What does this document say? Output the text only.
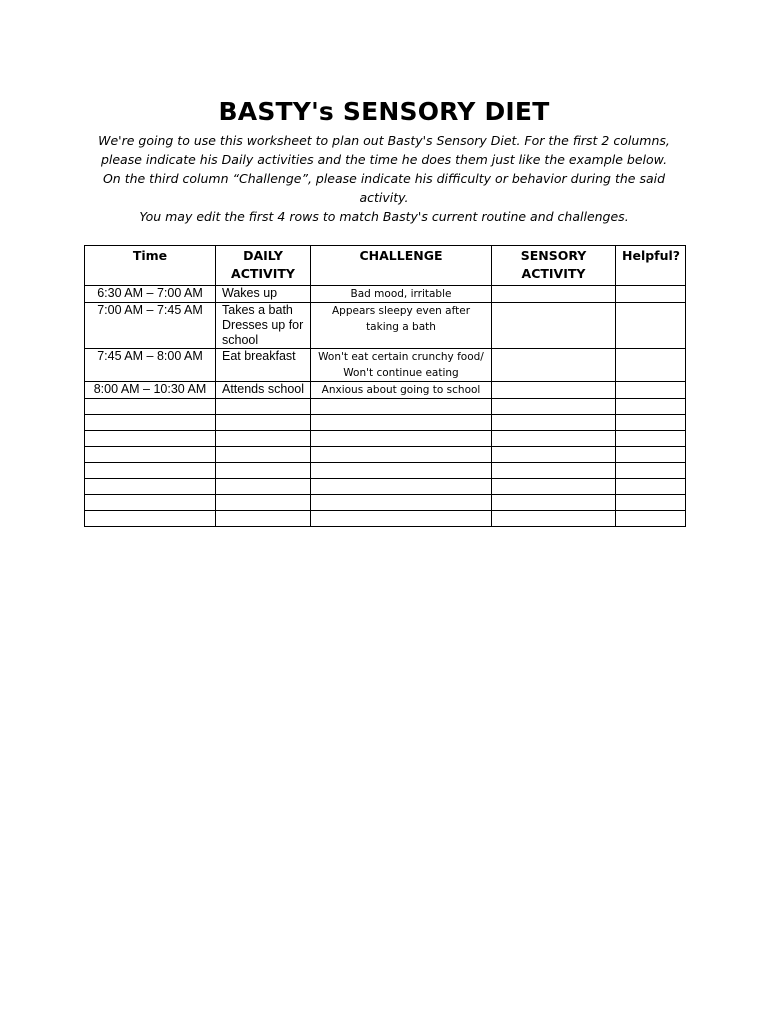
BASTY's SENSORY DIET
We're going to use this worksheet to plan out Basty's Sensory Diet. For the first 2 columns,
please indicate his Daily activities and the time he does them just like the example below.
On the third column “Challenge”, please indicate his difficulty or behavior during the said
activity.
You may edit the first 4 rows to match Basty's current routine and challenges.
Time	DAILY ACTIVITY	CHALLENGE	SENSORY ACTIVITY	Helpful?
6:30 AM – 7:00 AM	Wakes up	Bad mood, irritable		
7:00 AM – 7:45 AM	Takes a bath Dresses up for school	Appears sleepy even after taking a bath		
7:45 AM – 8:00 AM	Eat breakfast	Won't eat certain crunchy food/ Won't continue eating		
8:00 AM – 10:30 AM	Attends school	Anxious about going to school		
